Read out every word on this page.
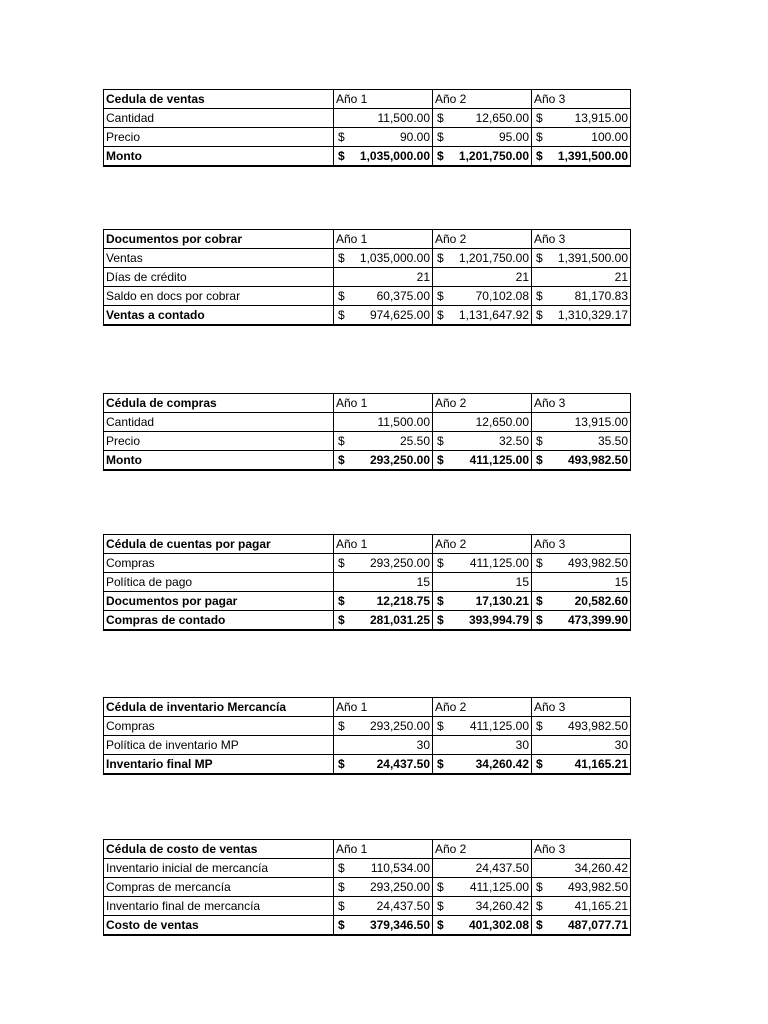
Cedula de ventas	Año 1	Año 2	Año 3
Cantidad	11,500.00	$ 12,650.00	$ 13,915.00

Precio	$ 90.00	$ 95.00	$ 100.00

Monto	$ 1,035,000.00	$ 1,201,750.00	$ 1,391,500.00
Documentos por cobrar	Año 1	Año 2	Año 3
Ventas	$ 1,035,000.00	$ 1,201,750.00	$ 1,391,500.00

Días de crédito	21	21	21

Saldo en docs por cobrar	$ 60,375.00	$ 70,102.08	$ 81,170.83

Ventas a contado	$ 974,625.00	$ 1,131,647.92	$ 1,310,329.17
Cédula de compras	Año 1	Año 2	Año 3
Cantidad	11,500.00	12,650.00	13,915.00

Precio	$ 25.50	$ 32.50	$ 35.50

Monto	$ 293,250.00	$ 411,125.00	$ 493,982.50
Cédula de cuentas por pagar	Año 1	Año 2	Año 3
Compras	$ 293,250.00	$ 411,125.00	$ 493,982.50

Política de pago	15	15	15

Documentos por pagar	$ 12,218.75	$ 17,130.21	$ 20,582.60

Compras de contado	$ 281,031.25	$ 393,994.79	$ 473,399.90
Cédula de inventario Mercancía	Año 1	Año 2	Año 3
Compras	$ 293,250.00	$ 411,125.00	$ 493,982.50

Política de inventario MP	30	30	30

Inventario final MP	$ 24,437.50	$ 34,260.42	$ 41,165.21
Cédula de costo de ventas	Año 1	Año 2	Año 3
Inventario inicial de mercancía	$ 110,534.00	24,437.50	34,260.42

Compras de mercancía	$ 293,250.00	$ 411,125.00	$ 493,982.50

Inventario final de mercancía	$ 24,437.50	$ 34,260.42	$ 41,165.21

Costo de ventas	$ 379,346.50	$ 401,302.08	$ 487,077.71
